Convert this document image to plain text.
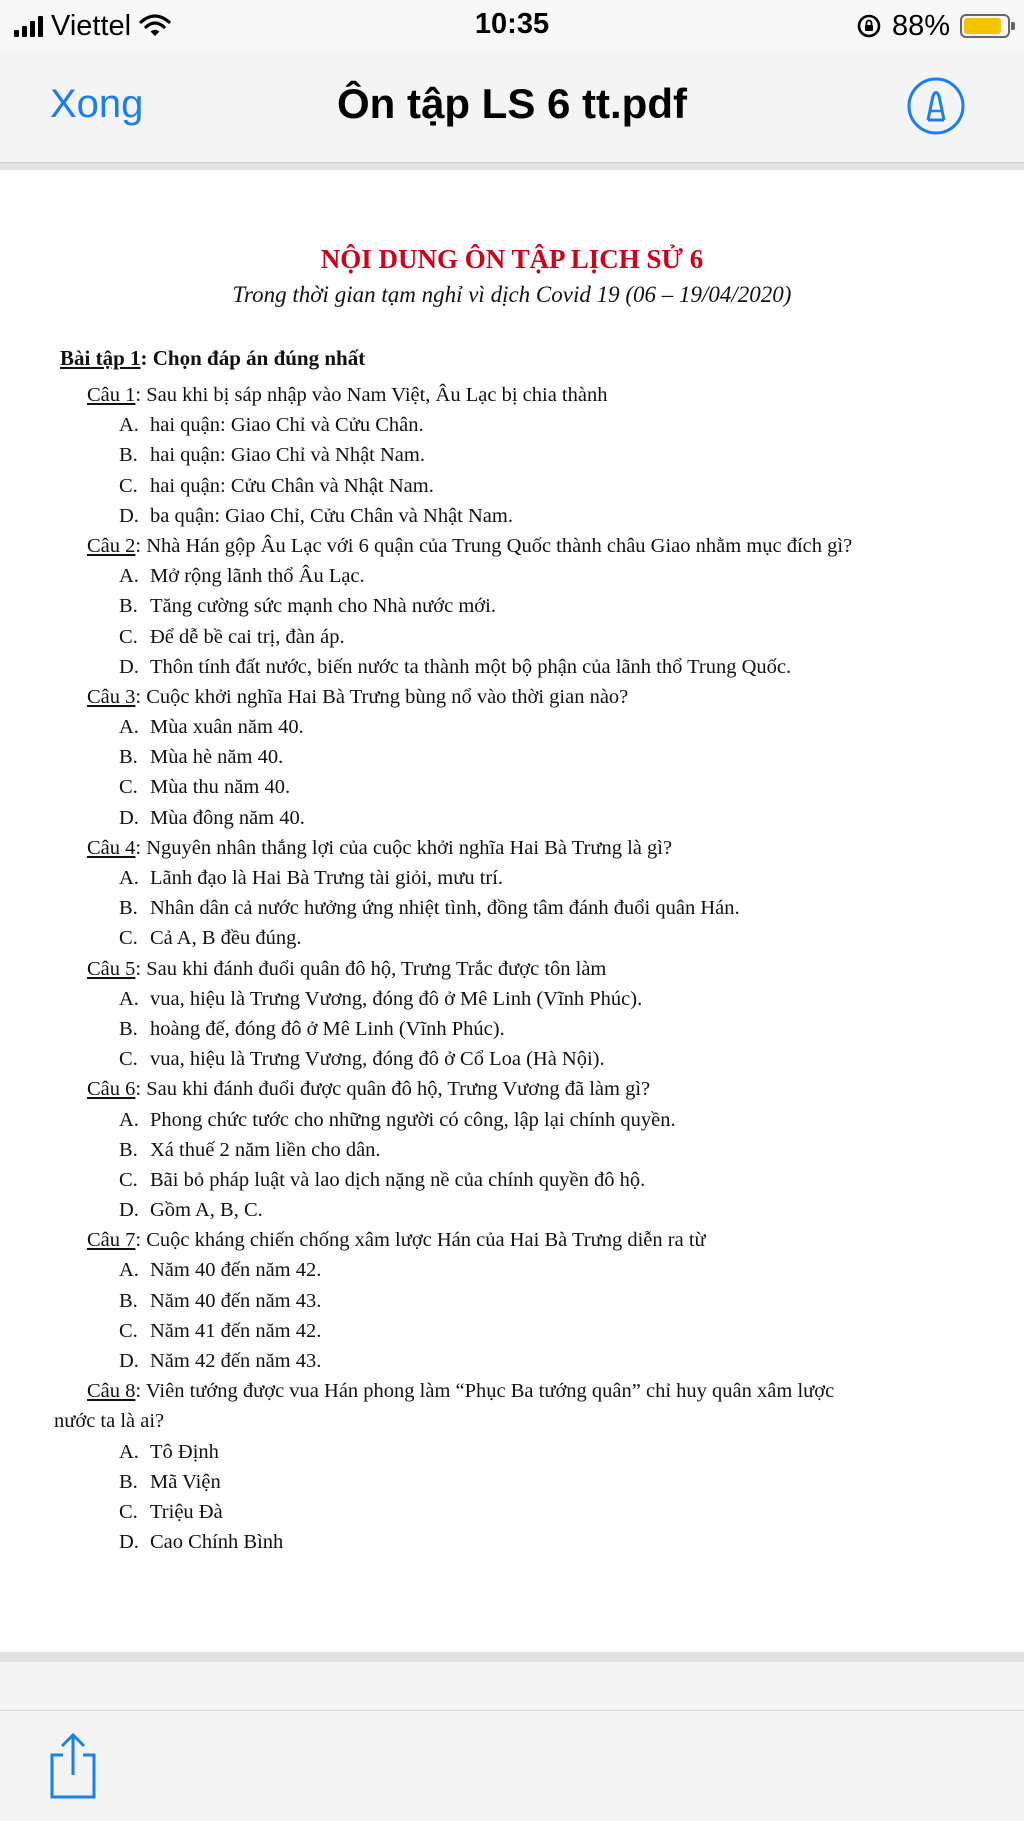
Viettel	10:35	88%
Xong	Ôn tập LS 6 tt.pdf
NỘI DUNG ÔN TẬP LỊCH SỬ 6
Trong thời gian tạm nghỉ vì dịch Covid 19 (06 – 19/04/2020)
Bài tập 1: Chọn đáp án đúng nhất
Câu 1: Sau khi bị sáp nhập vào Nam Việt, Âu Lạc bị chia thành
A. hai quận: Giao Chỉ và Cửu Chân.
B. hai quận: Giao Chỉ và Nhật Nam.
C. hai quận: Cửu Chân và Nhật Nam.
D. ba quận: Giao Chỉ, Cửu Chân và Nhật Nam.
Câu 2: Nhà Hán gộp Âu Lạc với 6 quận của Trung Quốc thành châu Giao nhằm mục đích gì?
A. Mở rộng lãnh thổ Âu Lạc.
B. Tăng cường sức mạnh cho Nhà nước mới.
C. Để dễ bề cai trị, đàn áp.
D. Thôn tính đất nước, biến nước ta thành một bộ phận của lãnh thổ Trung Quốc.
Câu 3: Cuộc khởi nghĩa Hai Bà Trưng bùng nổ vào thời gian nào?
A. Mùa xuân năm 40.
B. Mùa hè năm 40.
C. Mùa thu năm 40.
D. Mùa đông năm 40.
Câu 4: Nguyên nhân thắng lợi của cuộc khởi nghĩa Hai Bà Trưng là gì?
A. Lãnh đạo là Hai Bà Trưng tài giỏi, mưu trí.
B. Nhân dân cả nước hưởng ứng nhiệt tình, đồng tâm đánh đuổi quân Hán.
C. Cả A, B đều đúng.
Câu 5: Sau khi đánh đuổi quân đô hộ, Trưng Trắc được tôn làm
A. vua, hiệu là Trưng Vương, đóng đô ở Mê Linh (Vĩnh Phúc).
B. hoàng đế, đóng đô ở Mê Linh (Vĩnh Phúc).
C. vua, hiệu là Trưng Vương, đóng đô ở Cổ Loa (Hà Nội).
Câu 6: Sau khi đánh đuổi được quân đô hộ, Trưng Vương đã làm gì?
A. Phong chức tước cho những người có công, lập lại chính quyền.
B. Xá thuế 2 năm liền cho dân.
C. Bãi bỏ pháp luật và lao dịch nặng nề của chính quyền đô hộ.
D. Gồm A, B, C.
Câu 7: Cuộc kháng chiến chống xâm lược Hán của Hai Bà Trưng diễn ra từ
A. Năm 40 đến năm 42.
B. Năm 40 đến năm 43.
C. Năm 41 đến năm 42.
D. Năm 42 đến năm 43.
Câu 8: Viên tướng được vua Hán phong làm “Phục Ba tướng quân” chỉ huy quân xâm lược
nước ta là ai?
A. Tô Định
B. Mã Viện
C. Triệu Đà
D. Cao Chính Bình
